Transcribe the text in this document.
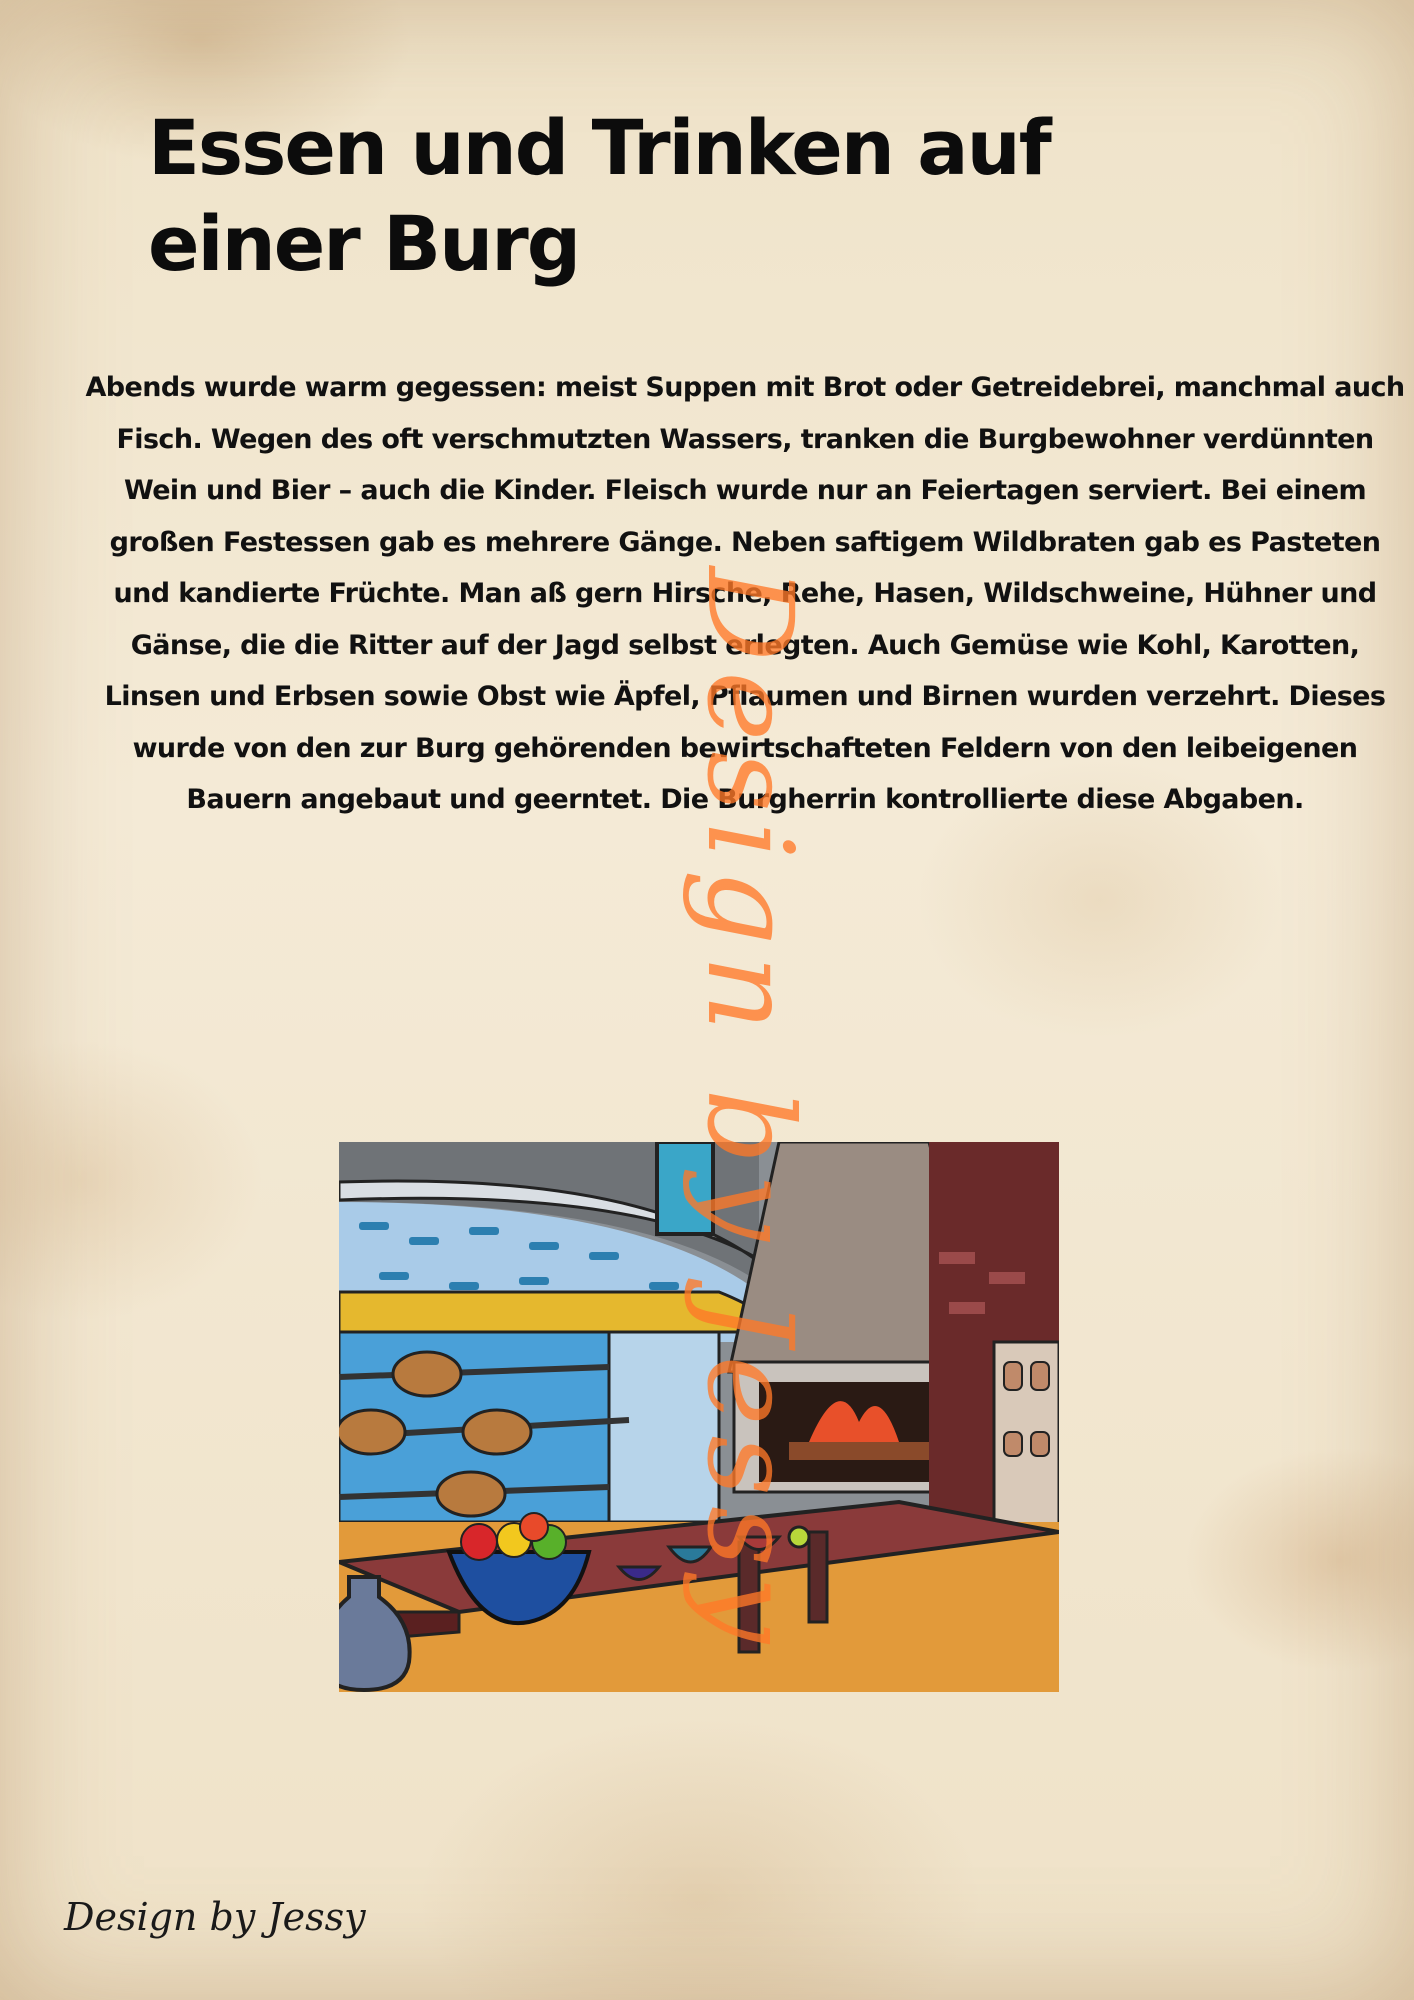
Essen und Trinken auf einer Burg

Abends wurde warm gegessen: meist Suppen mit Brot oder Getreidebrei, manchmal auch Fisch. Wegen des oft verschmutzten Wassers, tranken die Burgbewohner verdünnten Wein und Bier – auch die Kinder. Fleisch wurde nur an Feiertagen serviert. Bei einem großen Festessen gab es mehrere Gänge. Neben saftigem Wildbraten gab es Pasteten und kandierte Früchte. Man aß gern Hirsche, Rehe, Hasen, Wildschweine, Hühner und Gänse, die die Ritter auf der Jagd selbst erlegten. Auch Gemüse wie Kohl, Karotten, Linsen und Erbsen sowie Obst wie Äpfel, Pflaumen und Birnen wurden verzehrt. Dieses wurde von den zur Burg gehörenden bewirtschafteten Feldern von den leibeigenen Bauern angebaut und geerntet. Die Burgherrin kontrollierte diese Abgaben.

Design by Jessy

Design by Jessy
